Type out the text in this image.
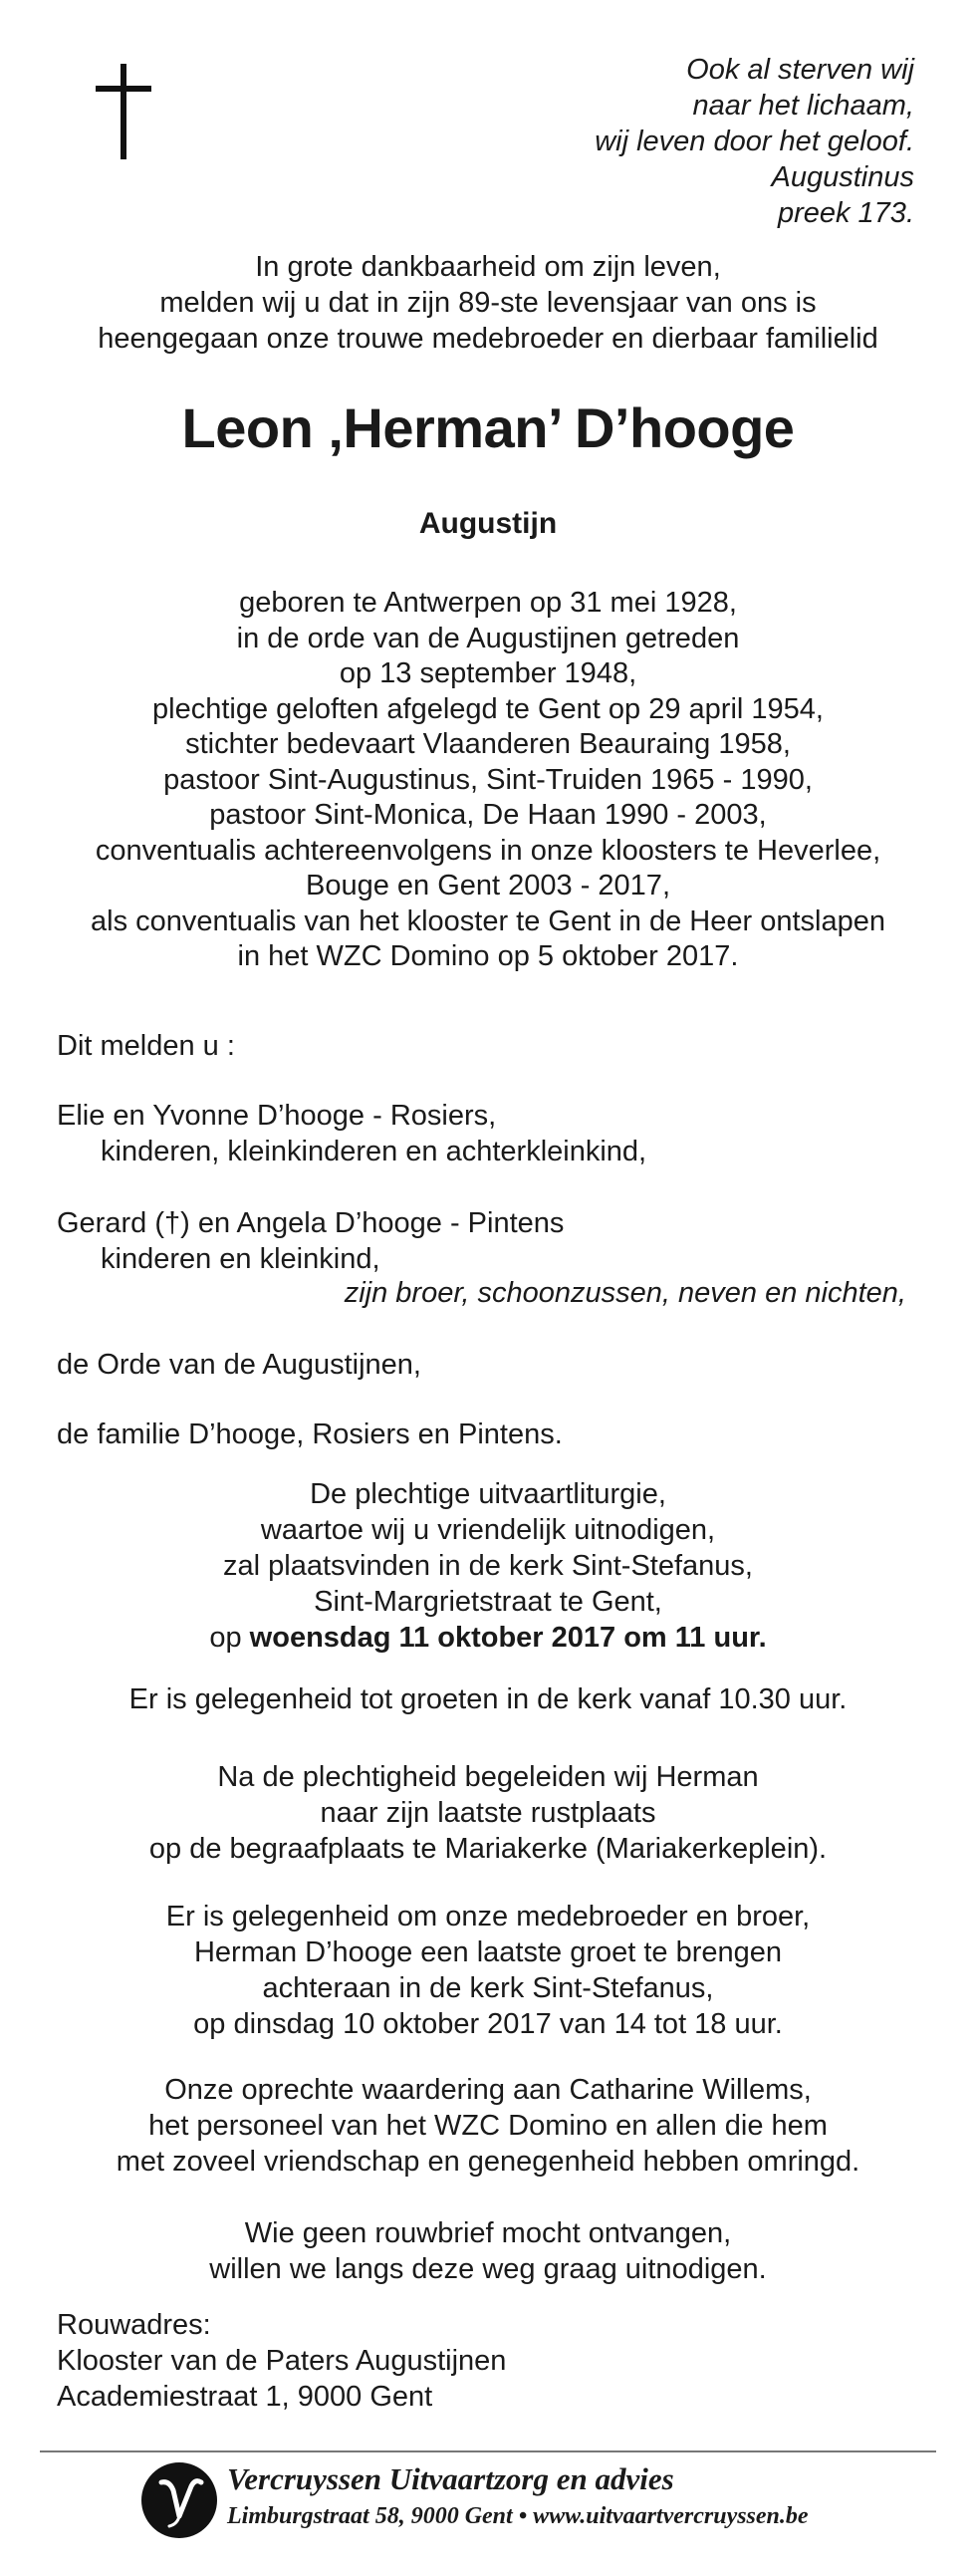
Ook al sterven wij
naar het lichaam,
wij leven door het geloof.
Augustinus
preek 173.
In grote dankbaarheid om zijn leven,
melden wij u dat in zijn 89-ste levensjaar van ons is
heengegaan onze trouwe medebroeder en dierbaar familielid
Leon ‚Herman’ D’hooge
Augustijn
geboren te Antwerpen op 31 mei 1928,
in de orde van de Augustijnen getreden
op 13 september 1948,
plechtige geloften afgelegd te Gent op 29 april 1954,
stichter bedevaart Vlaanderen Beauraing 1958,
pastoor Sint-Augustinus, Sint-Truiden 1965 - 1990,
pastoor Sint-Monica, De Haan 1990 - 2003,
conventualis achtereenvolgens in onze kloosters te Heverlee,
Bouge en Gent 2003 - 2017,
als conventualis van het klooster te Gent in de Heer ontslapen
in het WZC Domino op 5 oktober 2017.
Dit melden u :
Elie en Yvonne D’hooge - Rosiers,
kinderen, kleinkinderen en achterkleinkind,
Gerard (†) en Angela D’hooge - Pintens
kinderen en kleinkind,
zijn broer, schoonzussen, neven en nichten,
de Orde van de Augustijnen,
de familie D’hooge, Rosiers en Pintens.
De plechtige uitvaartliturgie,
waartoe wij u vriendelijk uitnodigen,
zal plaatsvinden in de kerk Sint-Stefanus,
Sint-Margrietstraat te Gent,
op woensdag 11 oktober 2017 om 11 uur.
Er is gelegenheid tot groeten in de kerk vanaf 10.30 uur.
Na de plechtigheid begeleiden wij Herman
naar zijn laatste rustplaats
op de begraafplaats te Mariakerke (Mariakerkeplein).
Er is gelegenheid om onze medebroeder en broer,
Herman D’hooge een laatste groet te brengen
achteraan in de kerk Sint-Stefanus,
op dinsdag 10 oktober 2017 van 14 tot 18 uur.
Onze oprechte waardering aan Catharine Willems,
het personeel van het WZC Domino en allen die hem
met zoveel vriendschap en genegenheid hebben omringd.
Wie geen rouwbrief mocht ontvangen,
willen we langs deze weg graag uitnodigen.
Rouwadres:
Klooster van de Paters Augustijnen
Academiestraat 1, 9000 Gent
Vercruyssen Uitvaartzorg en advies
Limburgstraat 58, 9000 Gent • www.uitvaartvercruyssen.be
